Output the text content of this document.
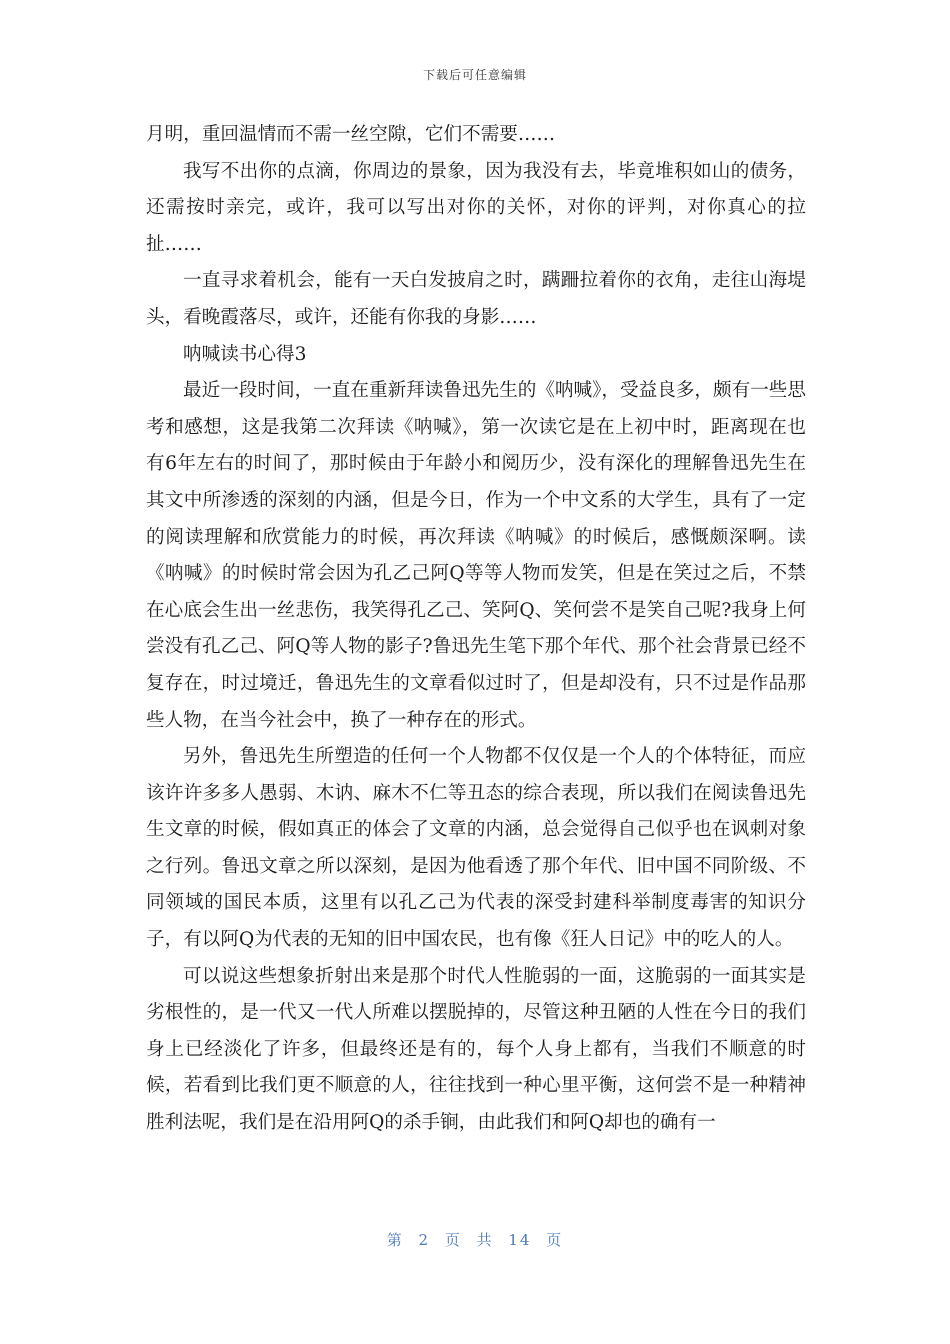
下载后可任意编辑

月明，重回温情而不需一丝空隙，它们不需要……

我写不出你的点滴，你周边的景象，因为我没有去，毕竟堆积如山的债务，还需按时亲完，或许，我可以写出对你的关怀，对你的评判，对你真心的拉扯……

一直寻求着机会，能有一天白发披肩之时，蹒跚拉着你的衣角，走往山海堤头，看晚霞落尽，或许，还能有你我的身影……

呐喊读书心得3

最近一段时间，一直在重新拜读鲁迅先生的《呐喊》，受益良多，颇有一些思考和感想，这是我第二次拜读《呐喊》，第一次读它是在上初中时，距离现在也有6年左右的时间了，那时候由于年龄小和阅历少，没有深化的理解鲁迅先生在其文中所渗透的深刻的内涵，但是今日，作为一个中文系的大学生，具有了一定的阅读理解和欣赏能力的时候，再次拜读《呐喊》的时候后，感慨颇深啊。读《呐喊》的时候时常会因为孔乙己阿Q等等人物而发笑，但是在笑过之后，不禁在心底会生出一丝悲伤，我笑得孔乙己、笑阿Q、笑何尝不是笑自己呢?我身上何尝没有孔乙己、阿Q等人物的影子?鲁迅先生笔下那个年代、那个社会背景已经不复存在，时过境迁，鲁迅先生的文章看似过时了，但是却没有，只不过是作品那些人物，在当今社会中，换了一种存在的形式。

另外，鲁迅先生所塑造的任何一个人物都不仅仅是一个人的个体特征，而应该许许多多人愚弱、木讷、麻木不仁等丑态的综合表现，所以我们在阅读鲁迅先生文章的时候，假如真正的体会了文章的内涵，总会觉得自己似乎也在讽刺对象之行列。鲁迅文章之所以深刻，是因为他看透了那个年代、旧中国不同阶级、不同领域的国民本质，这里有以孔乙己为代表的深受封建科举制度毒害的知识分子，有以阿Q为代表的无知的旧中国农民，也有像《狂人日记》中的吃人的人。

可以说这些想象折射出来是那个时代人性脆弱的一面，这脆弱的一面其实是劣根性的，是一代又一代人所难以摆脱掉的，尽管这种丑陋的人性在今日的我们身上已经淡化了许多，但最终还是有的，每个人身上都有，当我们不顺意的时候，若看到比我们更不顺意的人，往往找到一种心里平衡，这何尝不是一种精神胜利法呢，我们是在沿用阿Q的杀手锏，由此我们和阿Q却也的确有一

第 2 页 共 14 页
